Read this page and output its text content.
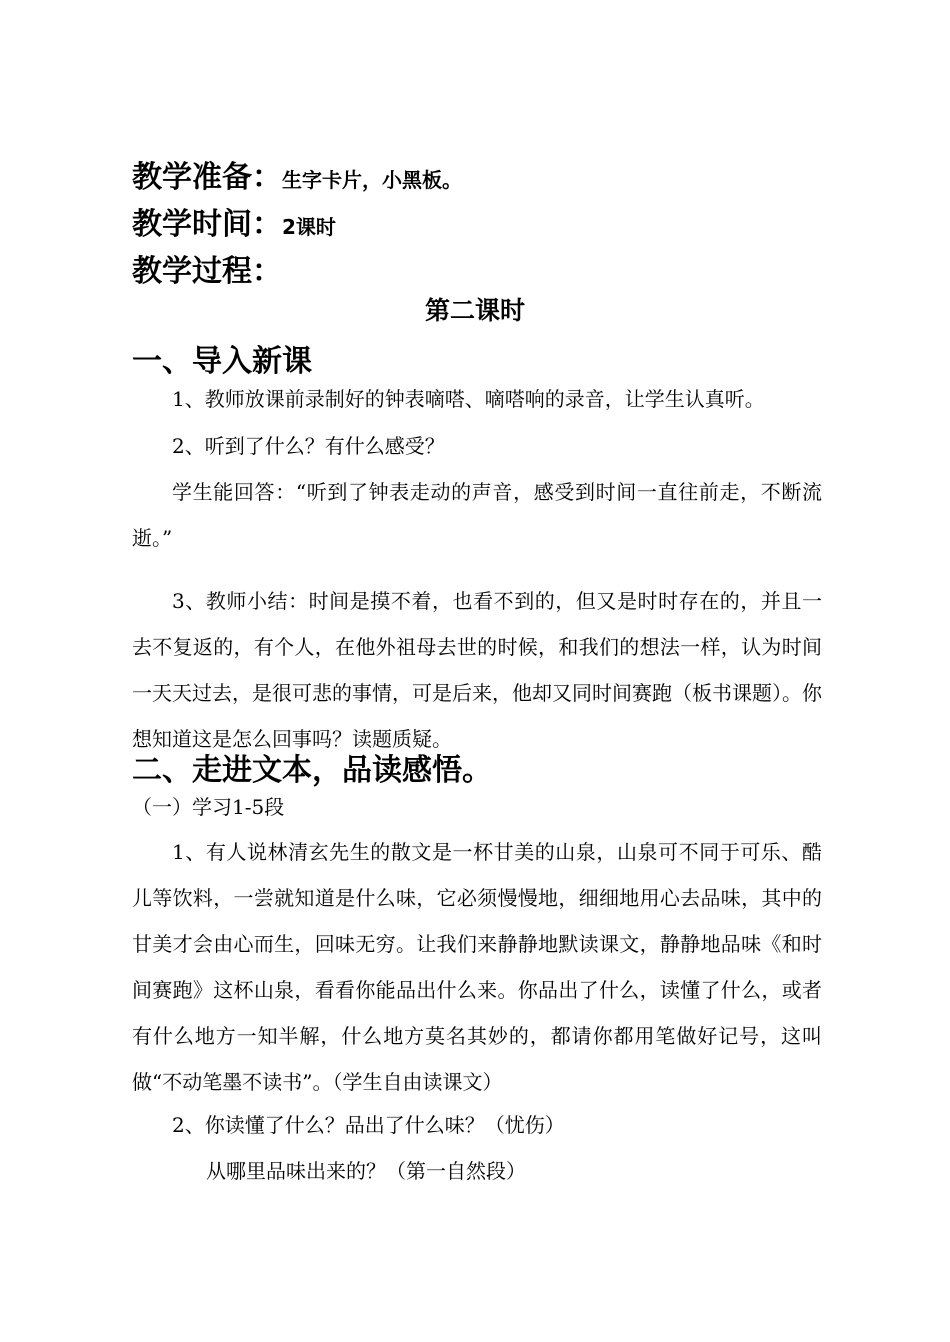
教学准备：生字卡片，小黑板。
教学时间：2课时
教学过程：
第二课时
一、导入新课
1、教师放课前录制好的钟表嘀嗒、嘀嗒响的录音，让学生认真听。
2、听到了什么？有什么感受？
学生能回答：“听到了钟表走动的声音，感受到时间一直往前走，不断流逝。”
3、教师小结：时间是摸不着，也看不到的，但又是时时存在的，并且一去不复返的，有个人，在他外祖母去世的时候，和我们的想法一样，认为时间一天天过去，是很可悲的事情，可是后来，他却又同时间赛跑（板书课题）。你想知道这是怎么回事吗？读题质疑。
二、走进文本，品读感悟。
（一）学习1-5段
1、有人说林清玄先生的散文是一杯甘美的山泉，山泉可不同于可乐、酷儿等饮料，一尝就知道是什么味，它必须慢慢地，细细地用心去品味，其中的甘美才会由心而生，回味无穷。让我们来静静地默读课文，静静地品味《和时间赛跑》这杯山泉，看看你能品出什么来。你品出了什么，读懂了什么，或者有什么地方一知半解，什么地方莫名其妙的，都请你都用笔做好记号，这叫做“不动笔墨不读书”。（学生自由读课文）
2、你读懂了什么？品出了什么味？（忧伤）
从哪里品味出来的？（第一自然段）
